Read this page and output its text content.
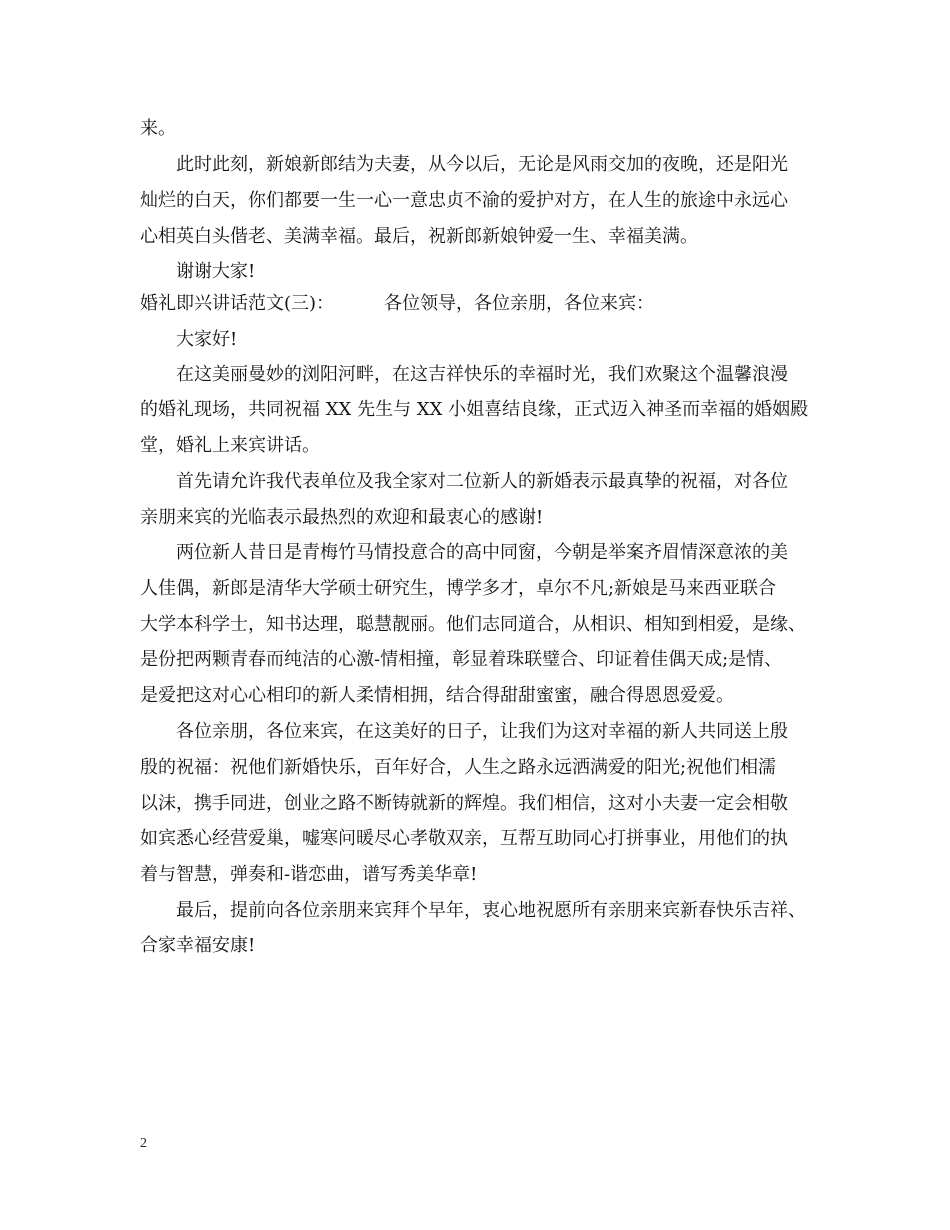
来。
此时此刻，新娘新郎结为夫妻，从今以后，无论是风雨交加的夜晚，还是阳光
灿烂的白天，你们都要一生一心一意忠贞不渝的爱护对方，在人生的旅途中永远心
心相英白头偕老、美满幸福。最后，祝新郎新娘钟爱一生、幸福美满。
谢谢大家!
婚礼即兴讲话范文(三)：	各位领导，各位亲朋，各位来宾：
大家好!
在这美丽曼妙的浏阳河畔，在这吉祥快乐的幸福时光，我们欢聚这个温馨浪漫
的婚礼现场，共同祝福 XX 先生与 XX 小姐喜结良缘，正式迈入神圣而幸福的婚姻殿
堂，婚礼上来宾讲话。
首先请允许我代表单位及我全家对二位新人的新婚表示最真挚的祝福，对各位
亲朋来宾的光临表示最热烈的欢迎和最衷心的感谢!
两位新人昔日是青梅竹马情投意合的高中同窗，今朝是举案齐眉情深意浓的美
人佳偶，新郎是清华大学硕士研究生，博学多才，卓尔不凡;新娘是马来西亚联合
大学本科学士，知书达理，聪慧靓丽。他们志同道合，从相识、相知到相爱，是缘、
是份把两颗青春而纯洁的心激-情相撞，彰显着珠联璧合、印证着佳偶天成;是情、
是爱把这对心心相印的新人柔情相拥，结合得甜甜蜜蜜，融合得恩恩爱爱。
各位亲朋，各位来宾，在这美好的日子，让我们为这对幸福的新人共同送上殷
殷的祝福：祝他们新婚快乐，百年好合，人生之路永远洒满爱的阳光;祝他们相濡
以沫，携手同进，创业之路不断铸就新的辉煌。我们相信，这对小夫妻一定会相敬
如宾悉心经营爱巢，嘘寒问暖尽心孝敬双亲，互帮互助同心打拼事业，用他们的执
着与智慧，弹奏和-谐恋曲，谱写秀美华章!
最后，提前向各位亲朋来宾拜个早年，衷心地祝愿所有亲朋来宾新春快乐吉祥、
合家幸福安康!
2
